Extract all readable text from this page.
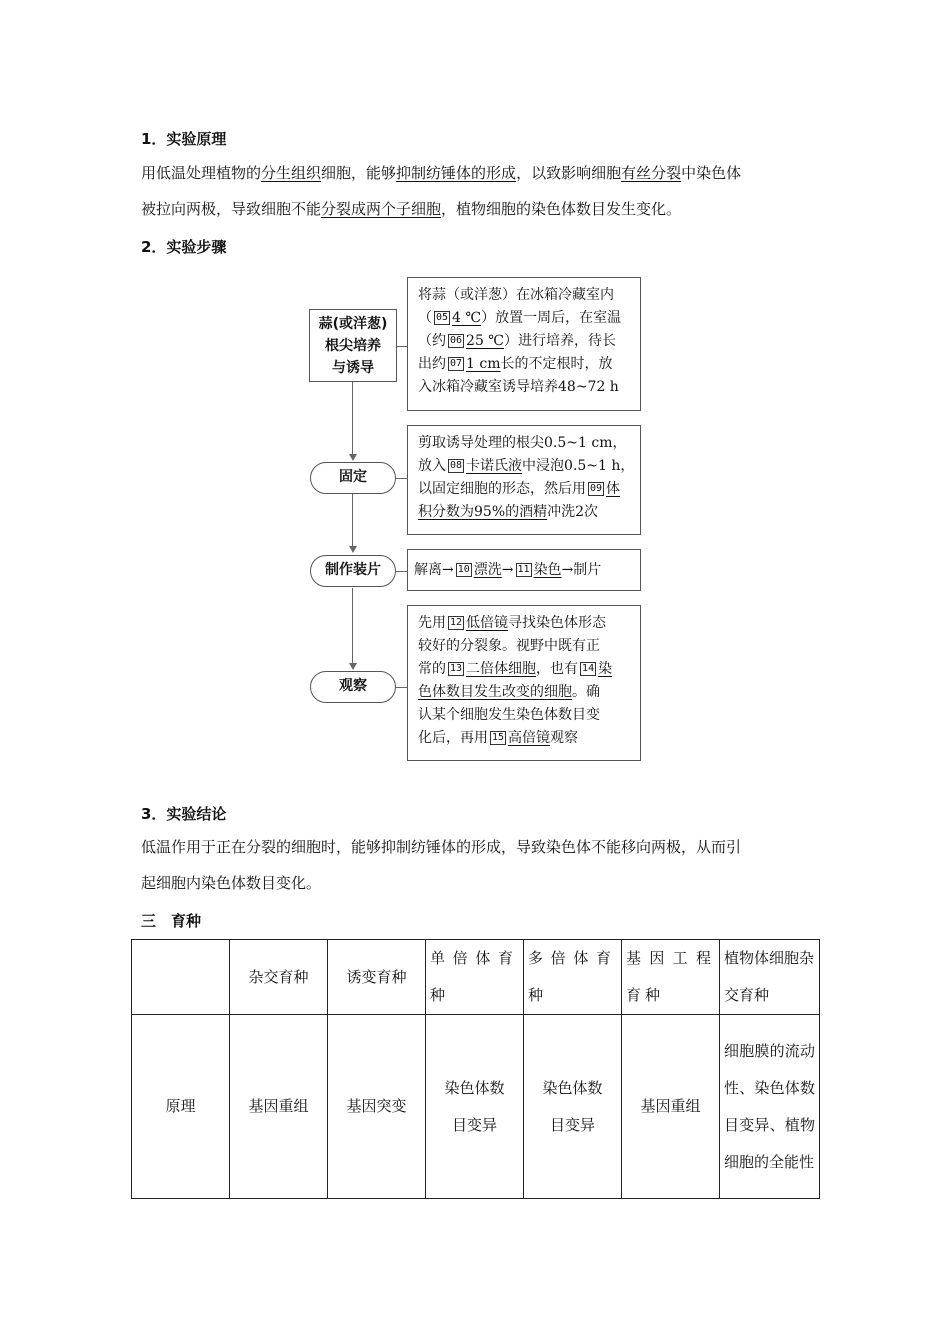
1．实验原理
用低温处理植物的分生组织细胞，能够抑制纺锤体的形成，以致影响细胞有丝分裂中染色体
被拉向两极，导致细胞不能分裂成两个子细胞，植物细胞的染色体数目发生变化。
2．实验步骤
蒜(或洋葱)
根尖培养
与诱导
固定
制作装片
观察
将蒜（或洋葱）在冰箱冷藏室内
（ 05 4 ℃）放置一周后，在室温
（约 06 25 ℃）进行培养，待长
出约 07 1 cm长的不定根时，放
入冰箱冷藏室诱导培养48~72 h
剪取诱导处理的根尖0.5~1 cm，
放入 08 卡诺氏液中浸泡0.5~1 h，
以固定细胞的形态，然后用 09 体
积分数为95%的酒精冲洗2次
解离→ 10 漂洗→ 11 染色→制片
先用 12 低倍镜寻找染色体形态
较好的分裂象。视野中既有正
常的 13 二倍体细胞，也有 14 染
色体数目发生改变的细胞。确
认某个细胞发生染色体数目变
化后，再用 15 高倍镜观察
3．实验结论
低温作用于正在分裂的细胞时，能够抑制纺锤体的形成，导致染色体不能移向两极，从而引
起细胞内染色体数目变化。
三　育种
	杂交育种	诱变育种	单倍体育种	多倍体育种	基因工程育种	植物体细胞杂交育种
原理	基因重组	基因突变	染色体数目变异	染色体数目变异	基因重组	细胞膜的流动性、染色体数目变异、植物细胞的全能性
